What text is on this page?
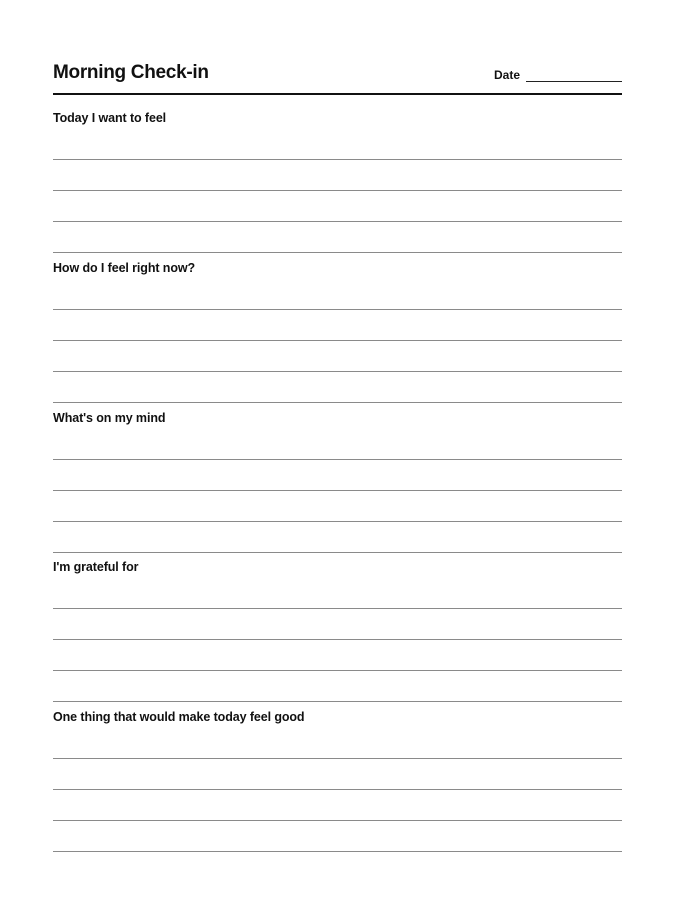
Morning Check-in	Date
Today I want to feel
How do I feel right now?
What's on my mind
I'm grateful for
One thing that would make today feel good
